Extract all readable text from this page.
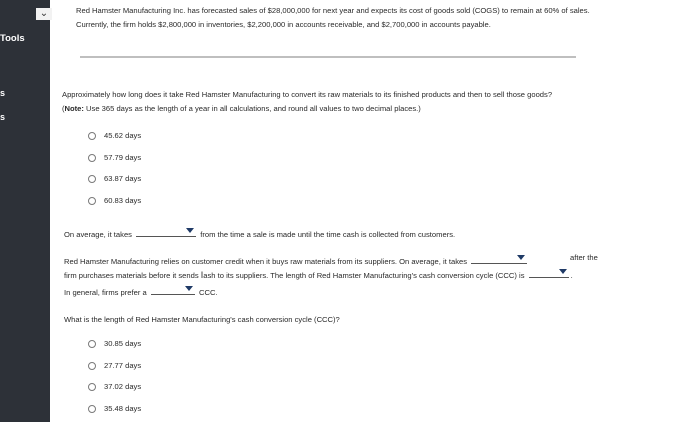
⌄
Tools
s
s
Red Hamster Manufacturing Inc. has forecasted sales of $28,000,000 for next year and expects its cost of goods sold (COGS) to remain at 60% of sales. Currently, the firm holds $2,800,000 in inventories, $2,200,000 in accounts receivable, and $2,700,000 in accounts payable.
Approximately how long does it take Red Hamster Manufacturing to convert its raw materials to its finished products and then to sell those goods?
(Note: Use 365 days as the length of a year in all calculations, and round all values to two decimal places.)
45.62 days
57.79 days
63.87 days
60.83 days
On average, it takes	from the time a sale is made until the time cash is collected from customers.
Red Hamster Manufacturing relies on customer credit when it buys raw materials from its suppliers. On average, it takes	after the
firm purchases materials before it sends Iash to its suppliers. The length of Red Hamster Manufacturing's cash conversion cycle (CCC) is	.
In general, firms prefer a	CCC.
What is the length of Red Hamster Manufacturing's cash conversion cycle (CCC)?
30.85 days
27.77 days
37.02 days
35.48 days
